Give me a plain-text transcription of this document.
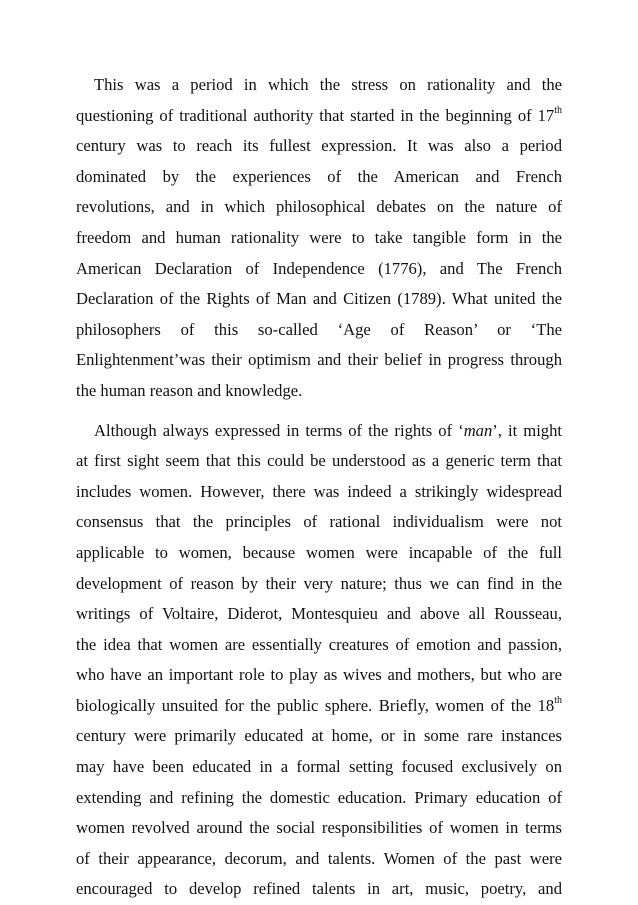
This was a period in which the stress on rationality and the
questioning of traditional authority that started in the beginning of 17th
century was to reach its fullest expression. It was also a period
dominated by the experiences of the American and French
revolutions, and in which philosophical debates on the nature of
freedom and human rationality were to take tangible form in the
American Declaration of Independence (1776), and The French
Declaration of the Rights of Man and Citizen (1789). What united the
philosophers of this so-called ‘Age of Reason’ or ‘The
Enlightenment’was their optimism and their belief in progress through
the human reason and knowledge.
Although always expressed in terms of the rights of ‘man’, it might
at first sight seem that this could be understood as a generic term that
includes women. However, there was indeed a strikingly widespread
consensus that the principles of rational individualism were not
applicable to women, because women were incapable of the full
development of reason by their very nature; thus we can find in the
writings of Voltaire, Diderot, Montesquieu and above all Rousseau,
the idea that women are essentially creatures of emotion and passion,
who have an important role to play as wives and mothers, but who are
biologically unsuited for the public sphere. Briefly, women of the 18th
century were primarily educated at home, or in some rare instances
may have been educated in a formal setting focused exclusively on
extending and refining the domestic education. Primary education of
women revolved around the social responsibilities of women in terms
of their appearance, decorum, and talents. Women of the past were
encouraged to develop refined talents in art, music, poetry, and
